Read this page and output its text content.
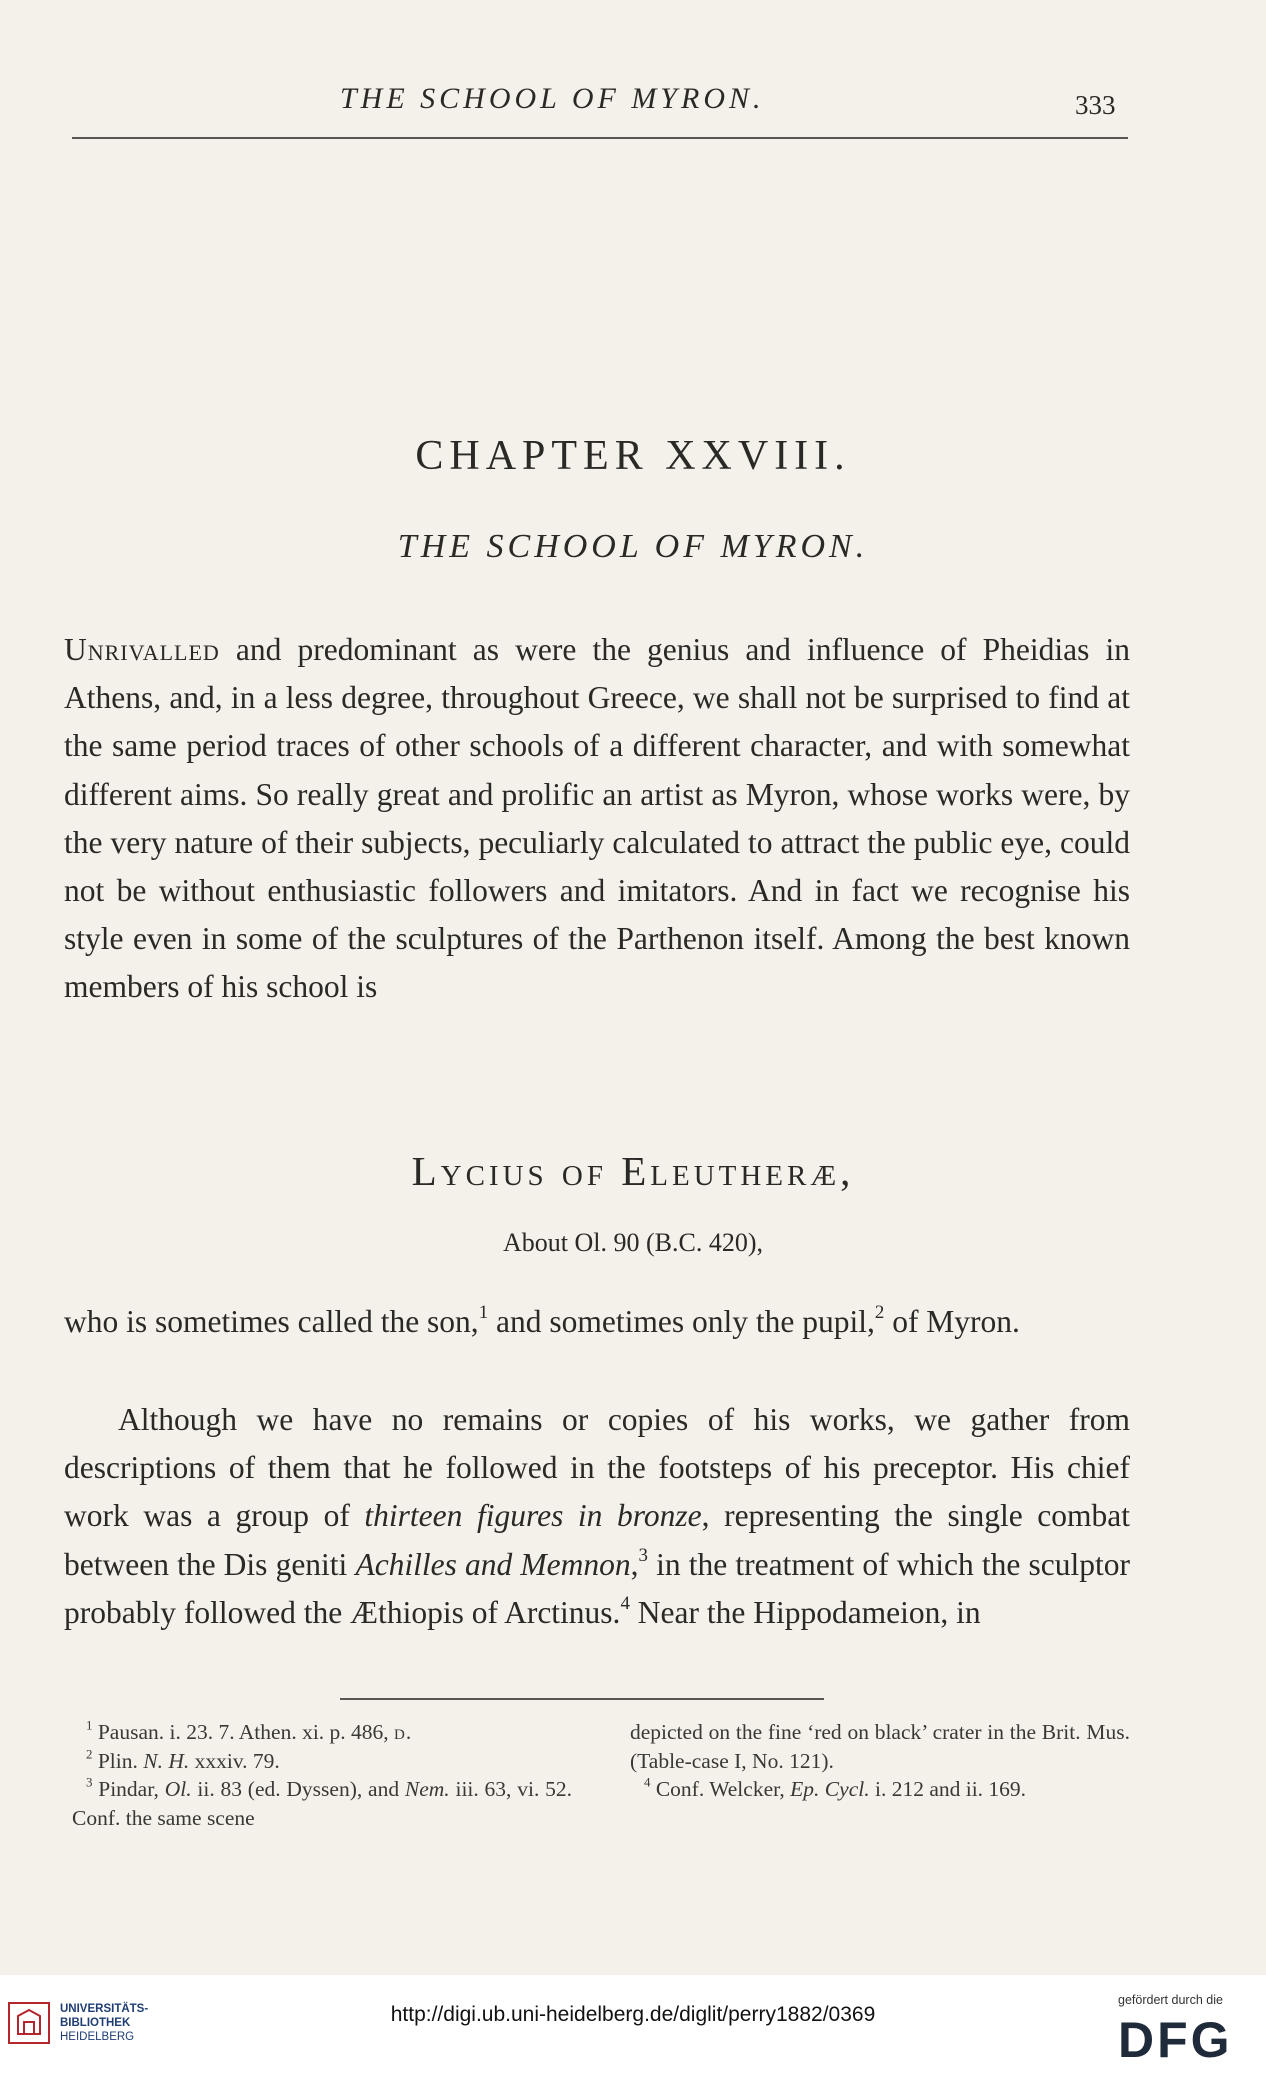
THE SCHOOL OF MYRON.	333
CHAPTER XXVIII.
THE SCHOOL OF MYRON.
Unrivalled and predominant as were the genius and influence of Pheidias in Athens, and, in a less degree, throughout Greece, we shall not be surprised to find at the same period traces of other schools of a different character, and with somewhat different aims. So really great and prolific an artist as Myron, whose works were, by the very nature of their subjects, peculiarly calculated to attract the public eye, could not be without enthusiastic followers and imitators. And in fact we recognise his style even in some of the sculptures of the Parthenon itself. Among the best known members of his school is
Lycius of Eleutheræ,
About Ol. 90 (B.C. 420),
who is sometimes called the son,$^1$ and sometimes only the pupil,$^2$ of Myron.
Although we have no remains or copies of his works, we gather from descriptions of them that he followed in the footsteps of his preceptor. His chief work was a group of thirteen figures in bronze, representing the single combat between the Dis geniti Achilles and Memnon,$^3$ in the treatment of which the sculptor probably followed the Æthiopis of Arctinus.$^4$ Near the Hippodameion, in

$^1$ Pausan. i. 23. 7. Athen. xi. p. 486, d.

$^2$ Plin. N. H. xxxiv. 79.

$^3$ Pindar, Ol. ii. 83 (ed. Dyssen), and Nem. iii. 63, vi. 52. Conf. the same scene

depicted on the fine ‘red on black’ crater in the Brit. Mus. (Table-case I, No. 121).

$^4$ Conf. Welcker, Ep. Cycl. i. 212 and ii. 169.

UNIVERSITÄTS-
BIBLIOTHEK
HEIDELBERG
http://digi.ub.uni-heidelberg.de/diglit/perry1882/0369
gefördert durch die
DFG
